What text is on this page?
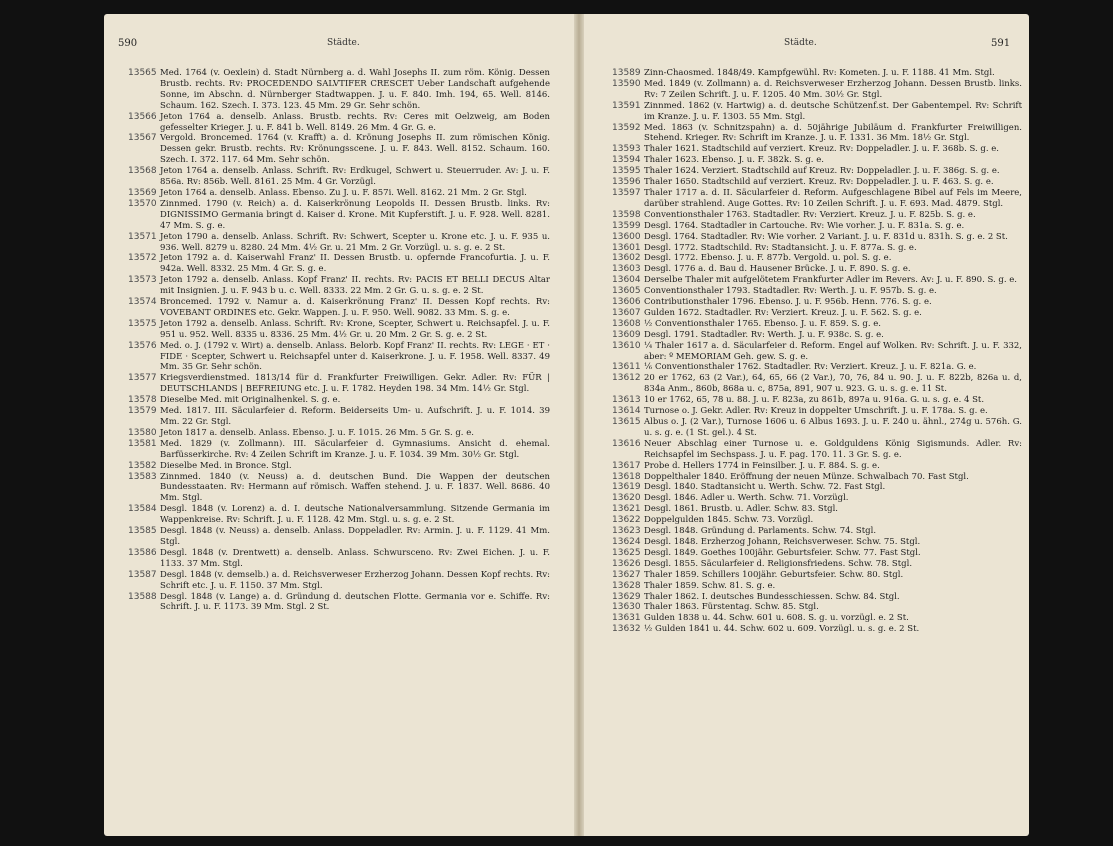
590	Städte.
13565 Med. 1764 (v. Oexlein) d. Stadt Nürnberg a. d. Wahl Josephs II. zum röm. König. Dessen Brustb. rechts. Rv: PROCEDENDO SALVTIFER CRESCET Ueber Landschaft aufgehende Sonne, im Abschn. d. Nürnberger Stadtwappen. J. u. F. 840. Imh. 194, 65. Well. 8146. Schaum. 162. Szech. I. 373. 123. 45 Mm. 29 Gr. Sehr schön.
13566 Jeton 1764 a. denselb. Anlass. Brustb. rechts. Rv: Ceres mit Oelzweig, am Boden gefesselter Krieger. J. u. F. 841 b. Well. 8149. 26 Mm. 4 Gr. G. e.
13567 Vergold. Broncemed. 1764 (v. Krafft) a. d. Krönung Josephs II. zum römischen König. Dessen gekr. Brustb. rechts. Rv: Krönungsscene. J. u. F. 843. Well. 8152. Schaum. 160. Szech. I. 372. 117. 64 Mm. Sehr schön.
13568 Jeton 1764 a. denselb. Anlass. Schrift. Rv: Erdkugel, Schwert u. Steuerruder. Av: J. u. F. 856a. Rv: 856b. Well. 8161. 25 Mm. 4 Gr. Vorzügl.
13569 Jeton 1764 a. denselb. Anlass. Ebenso. Zu J. u. F. 857i. Well. 8162. 21 Mm. 2 Gr. Stgl.
13570 Zinnmed. 1790 (v. Reich) a. d. Kaiserkrönung Leopolds II. Dessen Brustb. links. Rv: DIGNISSIMO Germania bringt d. Kaiser d. Krone. Mit Kupferstift. J. u. F. 928. Well. 8281. 47 Mm. S. g. e.
13571 Jeton 1790 a. denselb. Anlass. Schrift. Rv: Schwert, Scepter u. Krone etc. J. u. F. 935 u. 936. Well. 8279 u. 8280. 24 Mm. 4½ Gr. u. 21 Mm. 2 Gr. Vorzügl. u. s. g. e. 2 St.
13572 Jeton 1792 a. d. Kaiserwahl Franz' II. Dessen Brustb. u. opfernde Francofurtia. J. u. F. 942a. Well. 8332. 25 Mm. 4 Gr. S. g. e.
13573 Jeton 1792 a. denselb. Anlass. Kopf Franz' II. rechts. Rv: PACIS ET BELLI DECUS Altar mit Insignien. J. u. F. 943 b u. c. Well. 8333. 22 Mm. 2 Gr. G. u. s. g. e. 2 St.
13574 Broncemed. 1792 v. Namur a. d. Kaiserkrönung Franz' II. Dessen Kopf rechts. Rv: VOVEBANT ORDINES etc. Gekr. Wappen. J. u. F. 950. Well. 9082. 33 Mm. S. g. e.
13575 Jeton 1792 a. denselb. Anlass. Schrift. Rv: Krone, Scepter, Schwert u. Reichsapfel. J. u. F. 951 u. 952. Well. 8335 u. 8336. 25 Mm. 4½ Gr. u. 20 Mm. 2 Gr. S. g. e. 2 St.
13576 Med. o. J. (1792 v. Wirt) a. denselb. Anlass. Belorb. Kopf Franz' II. rechts. Rv: LEGE · ET · FIDE · Scepter, Schwert u. Reichsapfel unter d. Kaiserkrone. J. u. F. 1958. Well. 8337. 49 Mm. 35 Gr. Sehr schön.
13577 Kriegsverdienstmed. 1813/14 für d. Frankfurter Freiwilligen. Gekr. Adler. Rv: FÜR | DEUTSCHLANDS | BEFREIUNG etc. J. u. F. 1782. Heyden 198. 34 Mm. 14½ Gr. Stgl.
13578 Dieselbe Med. mit Originalhenkel. S. g. e.
13579 Med. 1817. III. Säcularfeier d. Reform. Beiderseits Um- u. Aufschrift. J. u. F. 1014. 39 Mm. 22 Gr. Stgl.
13580 Jeton 1817 a. denselb. Anlass. Ebenso. J. u. F. 1015. 26 Mm. 5 Gr. S. g. e.
13581 Med. 1829 (v. Zollmann). III. Säcularfeier d. Gymnasiums. Ansicht d. ehemal. Barfüsserkirche. Rv: 4 Zeilen Schrift im Kranze. J. u. F. 1034. 39 Mm. 30½ Gr. Stgl.
13582 Dieselbe Med. in Bronce. Stgl.
13583 Zinnmed. 1840 (v. Neuss) a. d. deutschen Bund. Die Wappen der deutschen Bundesstaaten. Rv: Hermann auf römisch. Waffen stehend. J. u. F. 1837. Well. 8686. 40 Mm. Stgl.
13584 Desgl. 1848 (v. Lorenz) a. d. I. deutsche Nationalversammlung. Sitzende Germania im Wappenkreise. Rv: Schrift. J. u. F. 1128. 42 Mm. Stgl. u. s. g. e. 2 St.
13585 Desgl. 1848 (v. Neuss) a. denselb. Anlass. Doppeladler. Rv: Armin. J. u. F. 1129. 41 Mm. Stgl.
13586 Desgl. 1848 (v. Drentwett) a. denselb. Anlass. Schwursceno. Rv: Zwei Eichen. J. u. F. 1133. 37 Mm. Stgl.
13587 Desgl. 1848 (v. demselb.) a. d. Reichsverweser Erzherzog Johann. Dessen Kopf rechts. Rv: Schrift etc. J. u. F. 1150. 37 Mm. Stgl.
13588 Desgl. 1848 (v. Lange) a. d. Gründung d. deutschen Flotte. Germania vor e. Schiffe. Rv: Schrift. J. u. F. 1173. 39 Mm. Stgl. 2 St.
Städte.	591
13589 Zinn-Chaosmed. 1848/49. Kampfgewühl. Rv: Kometen. J. u. F. 1188. 41 Mm. Stgl.
13590 Med. 1849 (v. Zollmann) a. d. Reichsverweser Erzherzog Johann. Dessen Brustb. links. Rv: 7 Zeilen Schrift. J. u. F. 1205. 40 Mm. 30½ Gr. Stgl.
13591 Zinnmed. 1862 (v. Hartwig) a. d. deutsche Schützenf.st. Der Gabentempel. Rv: Schrift im Kranze. J. u. F. 1303. 55 Mm. Stgl.
13592 Med. 1863 (v. Schnitzspahn) a. d. 50jährige Jubiläum d. Frankfurter Freiwilligen. Stehend. Krieger. Rv: Schrift im Kranze. J. u. F. 1331. 36 Mm. 18½ Gr. Stgl.
13593 Thaler 1621. Stadtschild auf verziert. Kreuz. Rv: Doppeladler. J. u. F. 368b. S. g. e.
13594 Thaler 1623. Ebenso. J. u. F. 382k. S. g. e.
13595 Thaler 1624. Verziert. Stadtschild auf Kreuz. Rv: Doppeladler. J. u. F. 386g. S. g. e.
13596 Thaler 1650. Stadtschild auf verziert. Kreuz. Rv: Doppeladler. J. u. F. 463. S. g. e.
13597 Thaler 1717 a. d. II. Säcularfeier d. Reform. Aufgeschlagene Bibel auf Fels im Meere, darüber strahlend. Auge Gottes. Rv: 10 Zeilen Schrift. J. u. F. 693. Mad. 4879. Stgl.
13598 Conventionsthaler 1763. Stadtadler. Rv: Verziert. Kreuz. J. u. F. 825b. S. g. e.
13599 Desgl. 1764. Stadtadler in Cartouche. Rv: Wie vorher. J. u. F. 831a. S. g. e.
13600 Desgl. 1764. Stadtadler. Rv: Wie vorher. 2 Variant. J. u. F. 831d u. 831h. S. g. e. 2 St.
13601 Desgl. 1772. Stadtschild. Rv: Stadtansicht. J. u. F. 877a. S. g. e.
13602 Desgl. 1772. Ebenso. J. u. F. 877b. Vergold. u. pol. S. g. e.
13603 Desgl. 1776 a. d. Bau d. Hausener Brücke. J. u. F. 890. S. g. e.
13604 Derselbe Thaler mit aufgelötetem Frankfurter Adler im Revers. Av: J. u. F. 890. S. g. e.
13605 Conventionsthaler 1793. Stadtadler. Rv: Werth. J. u. F. 957b. S. g. e.
13606 Contributionsthaler 1796. Ebenso. J. u. F. 956b. Henn. 776. S. g. e.
13607 Gulden 1672. Stadtadler. Rv: Verziert. Kreuz. J. u. F. 562. S. g. e.
13608 ½ Conventionsthaler 1765. Ebenso. J. u. F. 859. S. g. e.
13609 Desgl. 1791. Stadtadler. Rv: Werth. J. u. F. 938c. S. g. e.
13610 ¼ Thaler 1617 a. d. Säcularfeier d. Reform. Engel auf Wolken. Rv: Schrift. J. u. F. 332, aber: º MEMORIAM Geh. gew. S. g. e.
13611 ⅙ Conventionsthaler 1762. Stadtadler. Rv: Verziert. Kreuz. J. u. F. 821a. G. e.
13612 20 er 1762, 63 (2 Var.), 64, 65, 66 (2 Var.), 70, 76, 84 u. 90. J. u. F. 822b, 826a u. d, 834a Anm., 860b, 868a u. c, 875a, 891, 907 u. 923. G. u. s. g. e. 11 St.
13613 10 er 1762, 65, 78 u. 88. J. u. F. 823a, zu 861b, 897a u. 916a. G. u. s. g. e. 4 St.
13614 Turnose o. J. Gekr. Adler. Rv: Kreuz in doppelter Umschrift. J. u. F. 178a. S. g. e.
13615 Albus o. J. (2 Var.), Turnose 1606 u. 6 Albus 1693. J. u. F. 240 u. ähnl., 274g u. 576h. G. u. s. g. e. (1 St. gel.). 4 St.
13616 Neuer Abschlag einer Turnose u. e. Goldguldens König Sigismunds. Adler. Rv: Reichsapfel im Sechspass. J. u. F. pag. 170. 11. 3 Gr. S. g. e.
13617 Probe d. Hellers 1774 in Feinsilber. J. u. F. 884. S. g. e.
13618 Doppelthaler 1840. Eröffnung der neuen Münze. Schwalbach 70. Fast Stgl.
13619 Desgl. 1840. Stadtansicht u. Werth. Schw. 72. Fast Stgl.
13620 Desgl. 1846. Adler u. Werth. Schw. 71. Vorzügl.
13621 Desgl. 1861. Brustb. u. Adler. Schw. 83. Stgl.
13622 Doppelgulden 1845. Schw. 73. Vorzügl.
13623 Desgl. 1848. Gründung d. Parlaments. Schw. 74. Stgl.
13624 Desgl. 1848. Erzherzog Johann, Reichsverweser. Schw. 75. Stgl.
13625 Desgl. 1849. Goethes 100jähr. Geburtsfeier. Schw. 77. Fast Stgl.
13626 Desgl. 1855. Säcularfeier d. Religionsfriedens. Schw. 78. Stgl.
13627 Thaler 1859. Schillers 100jähr. Geburtsfeier. Schw. 80. Stgl.
13628 Thaler 1859. Schw. 81. S. g. e.
13629 Thaler 1862. I. deutsches Bundesschiessen. Schw. 84. Stgl.
13630 Thaler 1863. Fürstentag. Schw. 85. Stgl.
13631 Gulden 1838 u. 44. Schw. 601 u. 608. S. g. u. vorzügl. e. 2 St.
13632 ½ Gulden 1841 u. 44. Schw. 602 u. 609. Vorzügl. u. s. g. e. 2 St.
